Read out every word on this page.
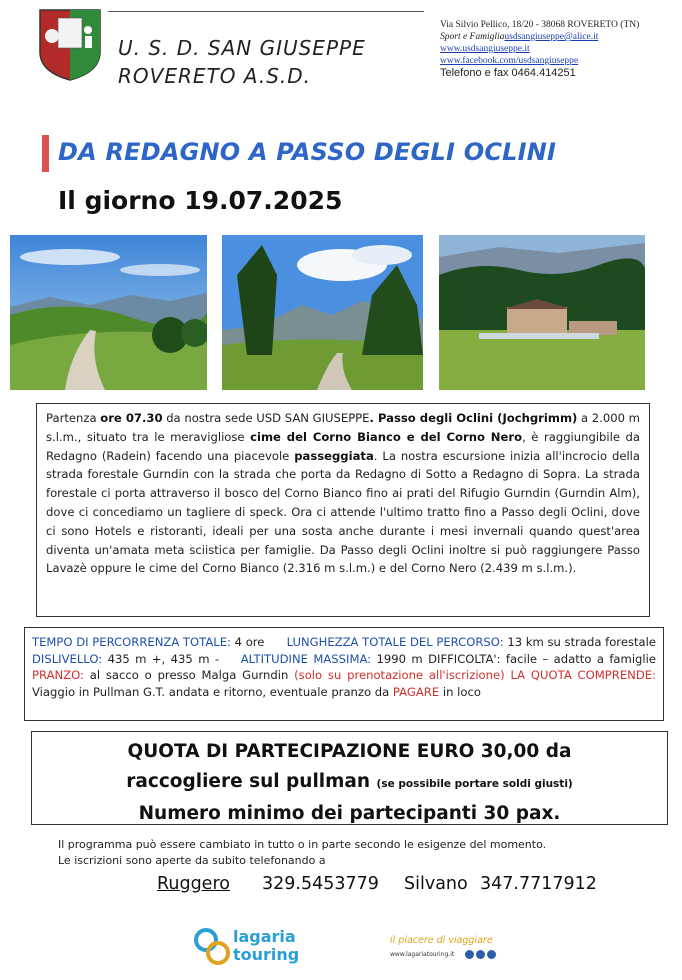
U. S. D. SAN GIUSEPPE
ROVERETO A.S.D.
Via Silvio Pellico, 18/20 - 38068 ROVERETO (TN)
Sport e Famigliausdsangiuseppe@alice.it
www.usdsangiuseppe.it
www.facebook.com/usdsangiuseppe
Telefono e fax 0464.414251
DA REDAGNO A PASSO DEGLI OCLINI
Il giorno 19.07.2025
Partenza ore 07.30 da nostra sede USD SAN GIUSEPPE. Passo degli Oclini (Jochgrimm) a 2.000 m s.l.m., situato tra le meravigliose cime del Corno Bianco e del Corno Nero, è raggiungibile da Redagno (Radein) facendo una piacevole passeggiata. La nostra escursione inizia all'incrocio della strada forestale Gurndin con la strada che porta da Redagno di Sotto a Redagno di Sopra. La strada forestale ci porta attraverso il bosco del Corno Bianco fino ai prati del Rifugio Gurndin (Gurndin Alm), dove ci concediamo un tagliere di speck. Ora ci attende l'ultimo tratto fino a Passo degli Oclini, dove ci sono Hotels e ristoranti, ideali per una sosta anche durante i mesi invernali quando quest'area diventa un'amata meta sciistica per famiglie. Da Passo degli Oclini inoltre si può raggiungere Passo Lavazè oppure le cime del Corno Bianco (2.316 m s.l.m.) e del Corno Nero (2.439 m s.l.m.).
TEMPO DI PERCORRENZA TOTALE: 4 ore      LUNGHEZZA TOTALE DEL PERCORSO: 13 km su strada forestale DISLIVELLO: 435 m +, 435 m -    ALTITUDINE MASSIMA: 1990 m DIFFICOLTA': facile – adatto a famiglie PRANZO: al sacco o presso Malga Gurndin (solo su prenotazione all'iscrizione) LA QUOTA COMPRENDE: Viaggio in Pullman G.T. andata e ritorno, eventuale pranzo da PAGARE in loco
QUOTA DI PARTECIPAZIONE EURO 30,00 da
raccogliere sul pullman (se possibile portare soldi giusti)
Numero minimo dei partecipanti 30 pax.
Il programma può essere cambiato in tutto o in parte secondo le esigenze del momento.
Le iscrizioni sono aperte da subito telefonando a
Ruggero 329.5453779 Silvano 347.7717912
lagaria
touring
il piacere di viaggiare
www.lagariatouring.it
